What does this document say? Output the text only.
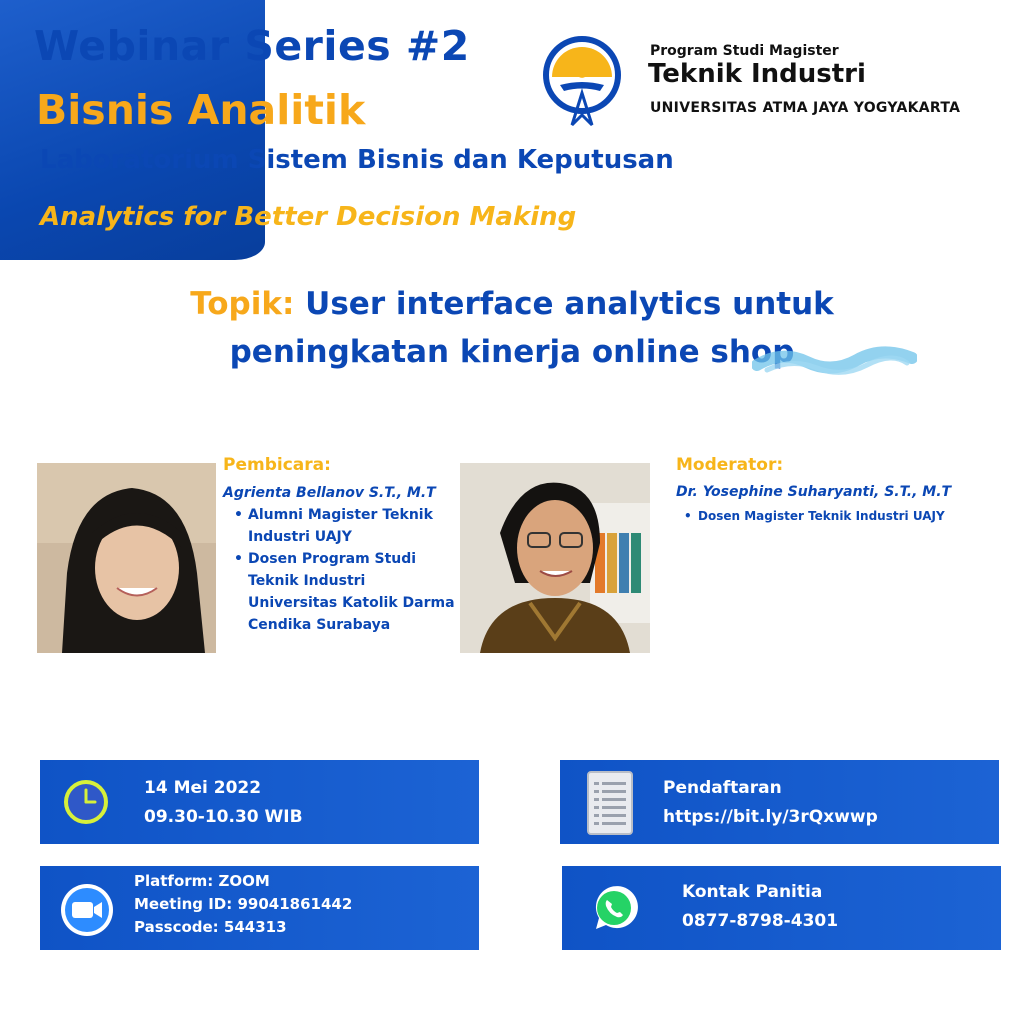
Webinar Series #2
Bisnis Analitik
Laboratorium Sistem Bisnis dan Keputusan
Analytics for Better Decision Making
Program Studi Magister
Teknik Industri
UNIVERSITAS ATMA JAYA YOGYAKARTA
Topik: User interface analytics untuk
peningkatan kinerja online shop
Pembicara:
Agrienta Bellanov S.T., M.T
• Alumni Magister Teknik Industri UAJY
• Dosen Program Studi Teknik Industri Universitas Katolik Darma Cendika Surabaya
Moderator:
Dr. Yosephine Suharyanti, S.T., M.T
• Dosen Magister Teknik Industri UAJY
14 Mei 2022
09.30-10.30 WIB
Pendaftaran
https://bit.ly/3rQxwwp
Platform: ZOOM
Meeting ID: 99041861442
Passcode: 544313
Kontak Panitia
0877-8798-4301
